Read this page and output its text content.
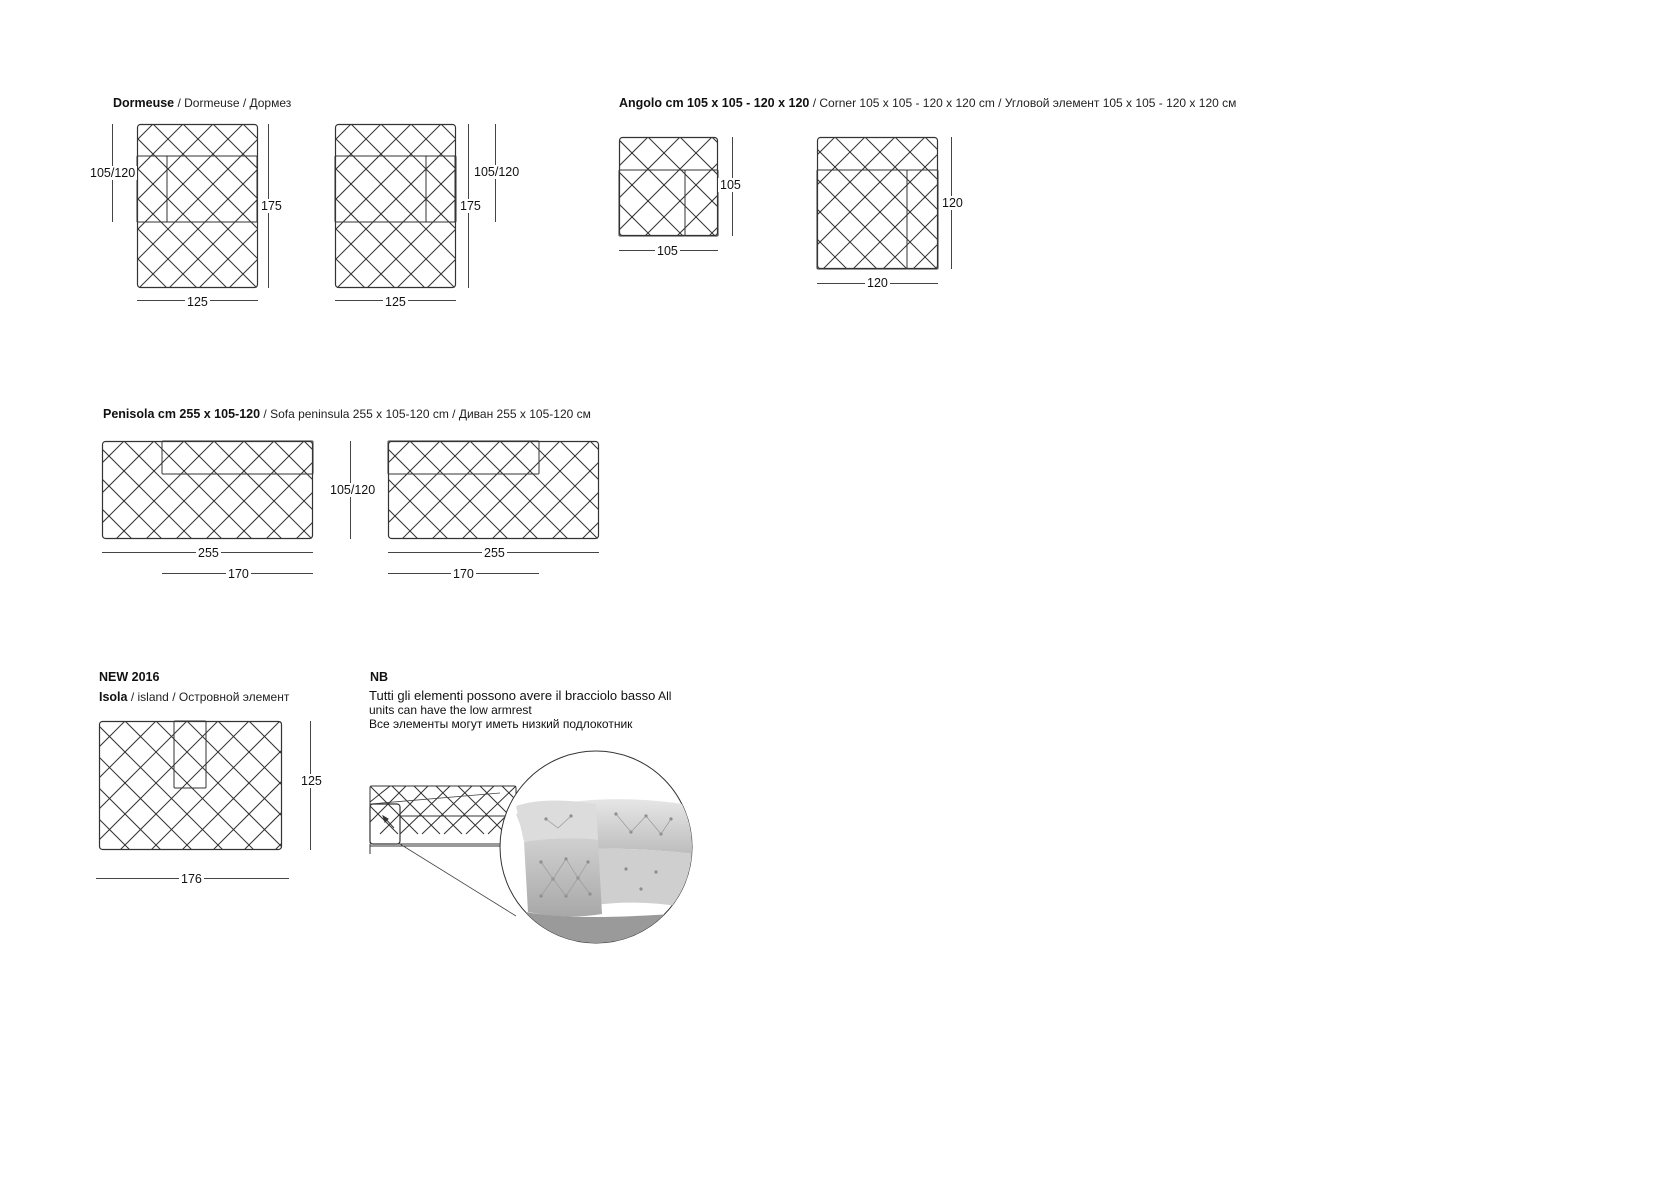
Dormeuse / Dormeuse / Дормез
105/120
175
125
105/120
175
125
Angolo cm 105 x 105 - 120 x 120 / Corner 105 x 105 - 120 x 120 cm / Угловой элемент 105 x 105 - 120 x 120 см
105
105
120
120
Penisola cm 255 x 105-120 / Sofa peninsula 255 x 105-120 cm / Диван 255 x 105-120 см
255
170
105/120
255
170
NEW 2016
Isola / island / Островной элемент
125
176
NB
Tutti gli elementi possono avere il bracciolo basso All
units can have the low armrest
Все элементы могут иметь низкий подлокотник
